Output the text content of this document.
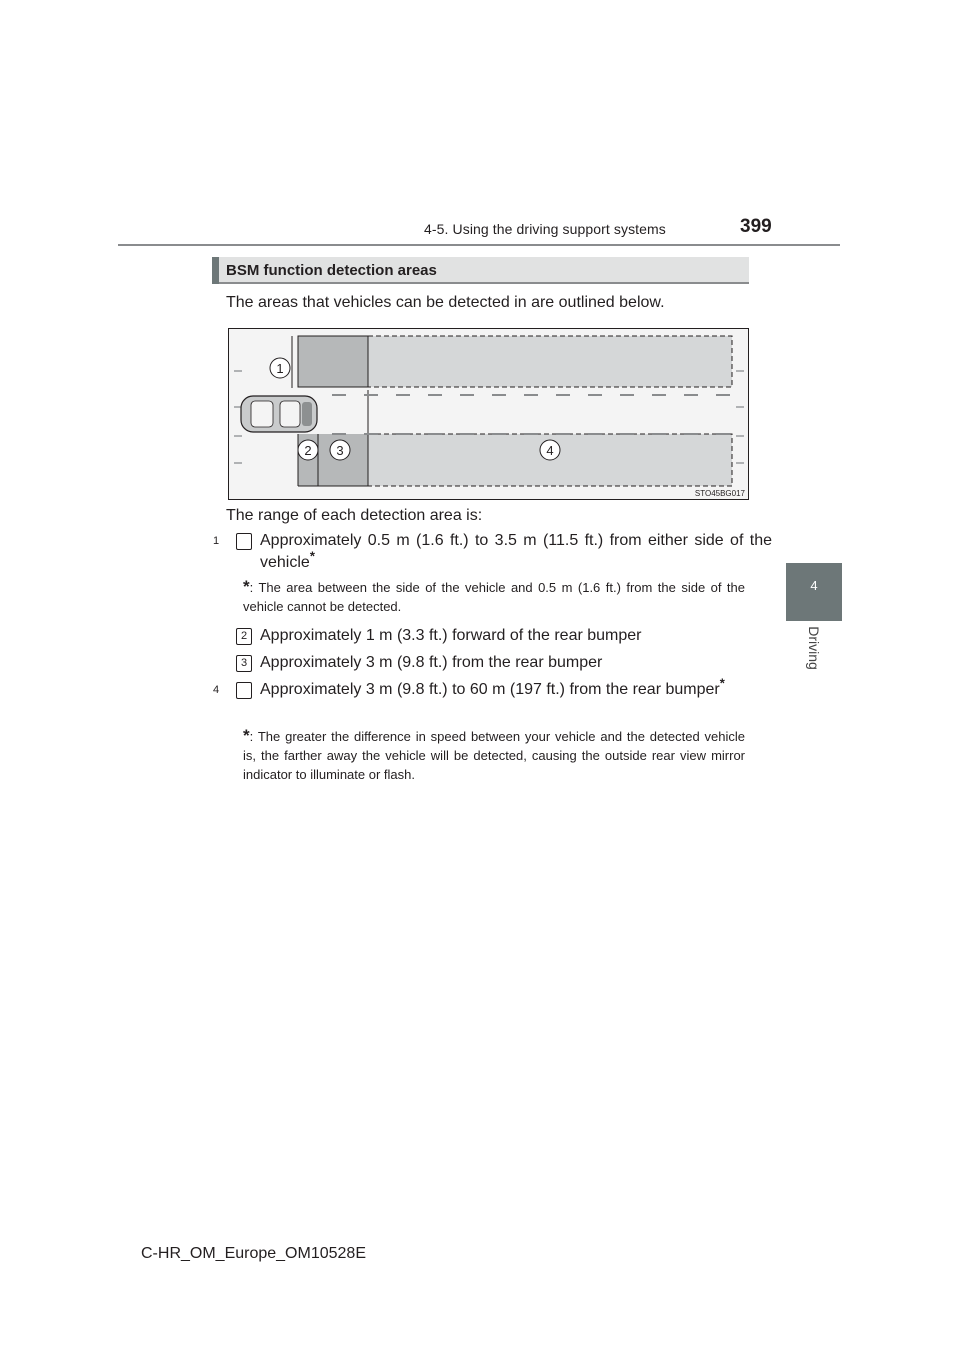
4-5. Using the driving support systems	399
4
Driving
BSM function detection areas
The areas that vehicles can be detected in are outlined below.
1
2 3	4
STO45BG017
The range of each detection area is:
1	Approximately 0.5 m (1.6 ft.) to 3.5 m (11.5 ft.) from either side of the vehicle*
*: The area between the side of the vehicle and 0.5 m (1.6 ft.) from the side of the vehicle cannot be detected.
2 Approximately 1 m (3.3 ft.) forward of the rear bumper
3 Approximately 3 m (9.8 ft.) from the rear bumper
4	Approximately 3 m (9.8 ft.) to 60 m (197 ft.) from the rear bumper*
*: The greater the difference in speed between your vehicle and the detected vehicle is, the farther away the vehicle will be detected, causing the outside rear view mirror indicator to illuminate or flash.
C-HR_OM_Europe_OM10528E
